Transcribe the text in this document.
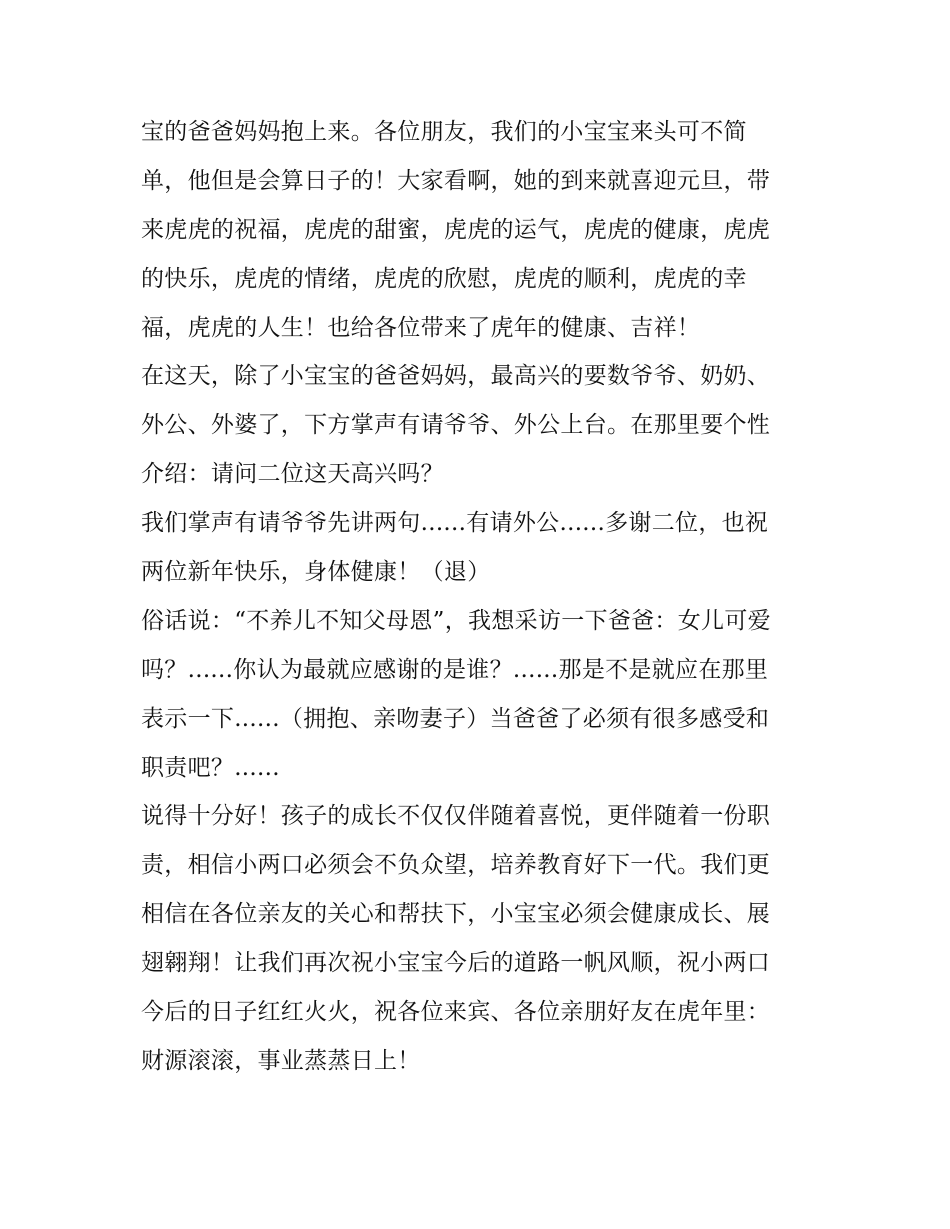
宝的爸爸妈妈抱上来。各位朋友，我们的小宝宝来头可不简
单，他但是会算日子的！大家看啊，她的到来就喜迎元旦，带
来虎虎的祝福，虎虎的甜蜜，虎虎的运气，虎虎的健康，虎虎
的快乐，虎虎的情绪，虎虎的欣慰，虎虎的顺利，虎虎的幸
福，虎虎的人生！也给各位带来了虎年的健康、吉祥！
在这天，除了小宝宝的爸爸妈妈，最高兴的要数爷爷、奶奶、
外公、外婆了，下方掌声有请爷爷、外公上台。在那里要个性
介绍：请问二位这天高兴吗？
我们掌声有请爷爷先讲两句......有请外公......多谢二位，也祝
两位新年快乐，身体健康！（退）
俗话说：“不养儿不知父母恩”，我想采访一下爸爸：女儿可爱
吗？......你认为最就应感谢的是谁？......那是不是就应在那里
表示一下......（拥抱、亲吻妻子）当爸爸了必须有很多感受和
职责吧？......
说得十分好！孩子的成长不仅仅伴随着喜悦，更伴随着一份职
责，相信小两口必须会不负众望，培养教育好下一代。我们更
相信在各位亲友的关心和帮扶下，小宝宝必须会健康成长、展
翅翱翔！让我们再次祝小宝宝今后的道路一帆风顺，祝小两口
今后的日子红红火火，祝各位来宾、各位亲朋好友在虎年里：
财源滚滚，事业蒸蒸日上！
